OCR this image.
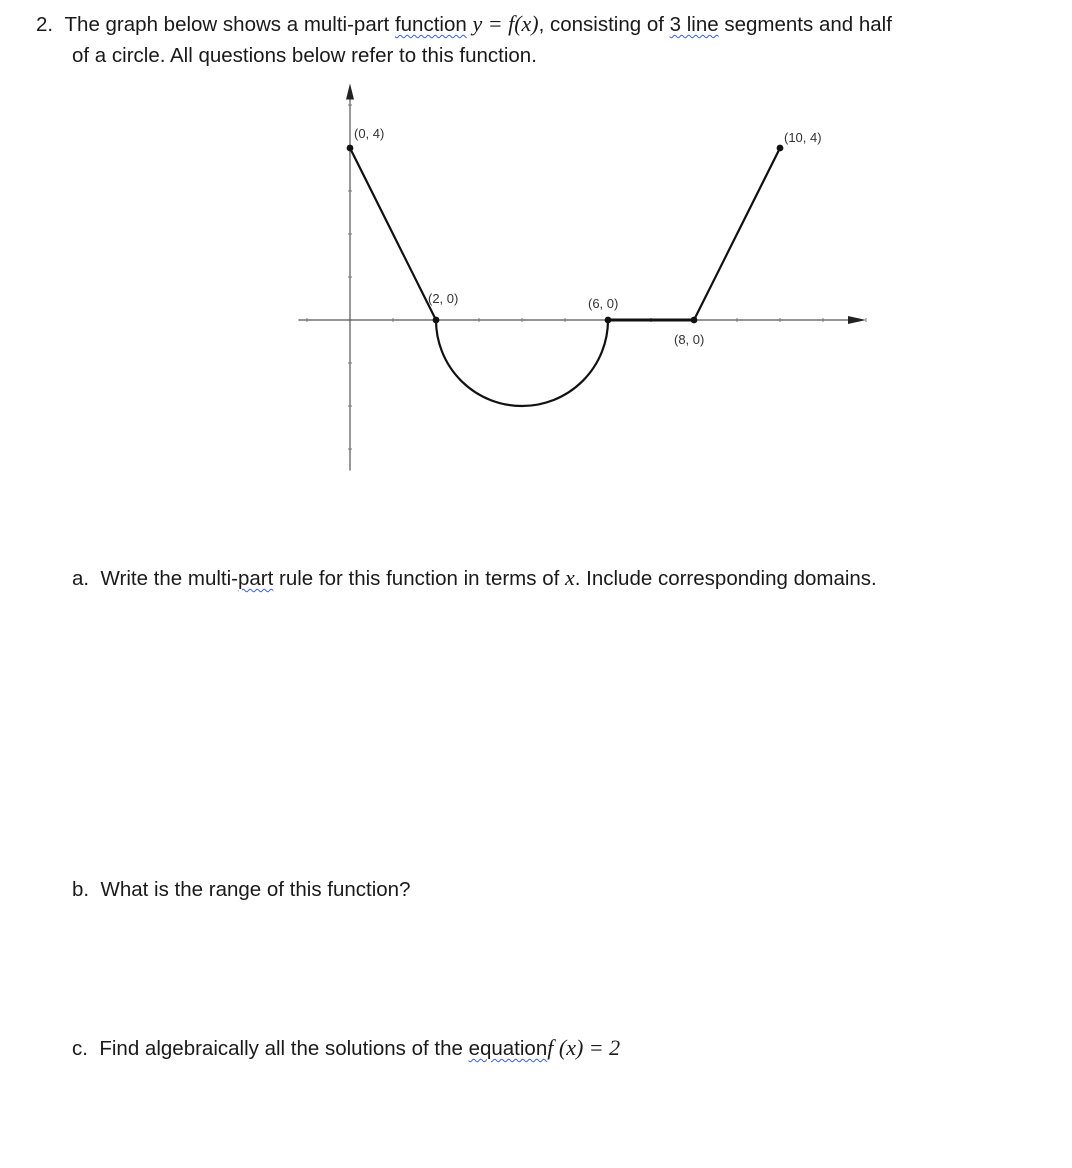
2. The graph below shows a multi-part function y = f(x), consisting of 3 line segments and half
of a circle. All questions below refer to this function.
(0, 4)
(2, 0)	(6, 0)
(8, 0)
(10, 4)
a. Write the multi-part rule for this function in terms of x. Include corresponding domains.
b. What is the range of this function?
c. Find algebraically all the solutions of the equationf (x) = 2
